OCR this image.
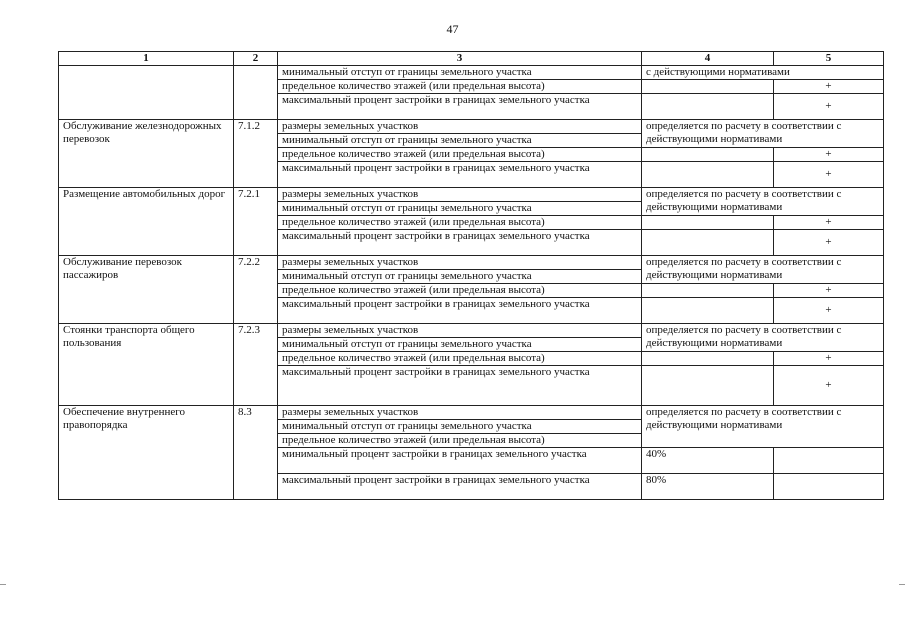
47
1	2	3	4	5
		минимальный отступ от границы земельного участка	с действующими нормативами	
		предельное количество этажей (или предельная высота)		+
		максимальный процент застройки в границах земельного участка		+
Обслуживание железнодорожных перевозок	7.1.2	размеры земельных участков	определяется по расчету в соответствии с действующими нормативами	
		минимальный отступ от границы земельного участка		
		предельное количество этажей (или предельная высота)		+
		максимальный процент застройки в границах земельного участка		+
Размещение автомобильных дорог	7.2.1	размеры земельных участков	определяется по расчету в соответствии с действующими нормативами	
		минимальный отступ от границы земельного участка		
		предельное количество этажей (или предельная высота)		+
		максимальный процент застройки в границах земельного участка		+
Обслуживание перевозок пассажиров	7.2.2	размеры земельных участков	определяется по расчету в соответствии с действующими нормативами	
		минимальный отступ от границы земельного участка		
		предельное количество этажей (или предельная высота)		+
		максимальный процент застройки в границах земельного участка		+
Стоянки транспорта общего пользования	7.2.3	размеры земельных участков	определяется по расчету в соответствии с действующими нормативами	
		минимальный отступ от границы земельного участка		
		предельное количество этажей (или предельная высота)		+
		максимальный процент застройки в границах земельного участка		+

Обеспечение внутреннего правопорядка	8.3	размеры земельных участков	определяется по расчету в соответствии с действующими нормативами	
		минимальный отступ от границы земельного участка		
		предельное количество этажей (или предельная высота)		
		минимальный процент застройки в границах земельного участка	40%	
		максимальный процент застройки в границах земельного участка	80%	
